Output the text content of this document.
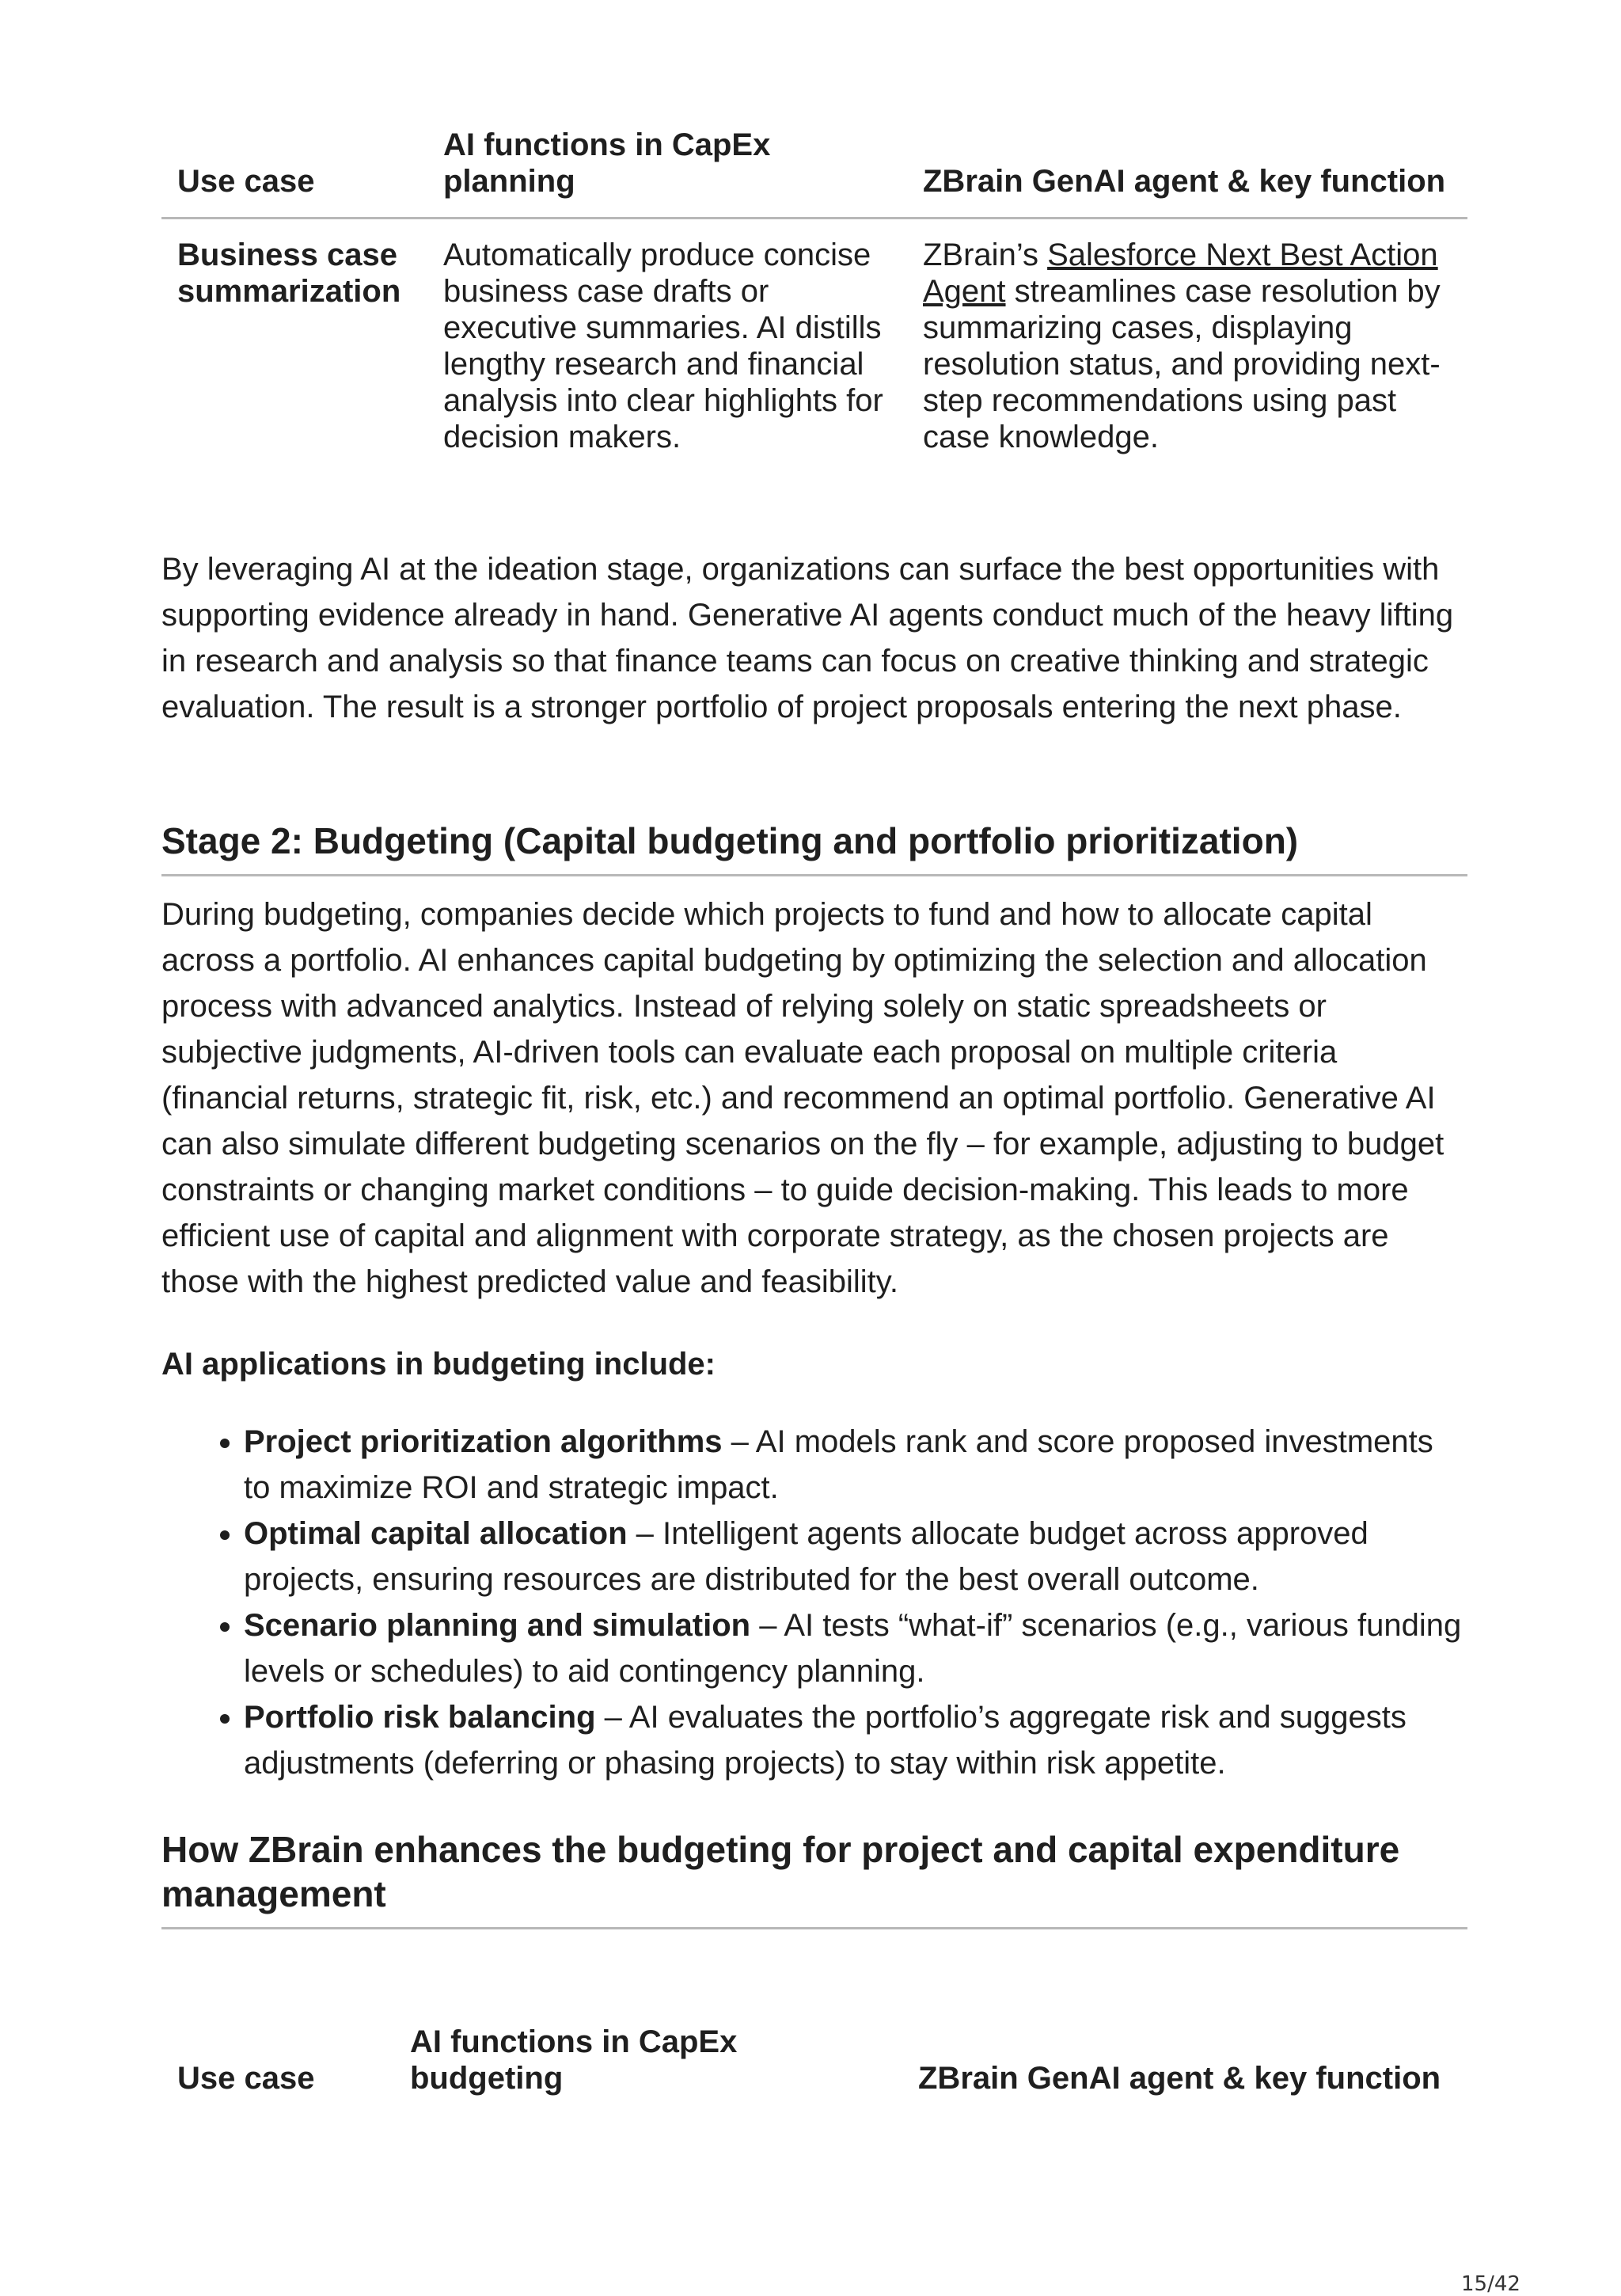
Use case	AI functions in CapEx planning	ZBrain GenAI agent & key function
Business case summarization	Automatically produce concise business case drafts or executive summaries. AI distills lengthy research and financial analysis into clear highlights for decision makers.	ZBrain’s Salesforce Next Best Action Agent streamlines case resolution by summarizing cases, displaying resolution status, and providing next-step recommendations using past case knowledge.

By leveraging AI at the ideation stage, organizations can surface the best opportunities with supporting evidence already in hand. Generative AI agents conduct much of the heavy lifting in research and analysis so that finance teams can focus on creative thinking and strategic evaluation. The result is a stronger portfolio of project proposals entering the next phase.

Stage 2: Budgeting (Capital budgeting and portfolio prioritization)

During budgeting, companies decide which projects to fund and how to allocate capital across a portfolio. AI enhances capital budgeting by optimizing the selection and allocation process with advanced analytics. Instead of relying solely on static spreadsheets or subjective judgments, AI-driven tools can evaluate each proposal on multiple criteria (financial returns, strategic fit, risk, etc.) and recommend an optimal portfolio. Generative AI can also simulate different budgeting scenarios on the fly – for example, adjusting to budget constraints or changing market conditions – to guide decision-making. This leads to more efficient use of capital and alignment with corporate strategy, as the chosen projects are those with the highest predicted value and feasibility.

AI applications in budgeting include:

• Project prioritization algorithms – AI models rank and score proposed investments to maximize ROI and strategic impact.
• Optimal capital allocation – Intelligent agents allocate budget across approved projects, ensuring resources are distributed for the best overall outcome.
• Scenario planning and simulation – AI tests “what-if” scenarios (e.g., various funding levels or schedules) to aid contingency planning.
• Portfolio risk balancing – AI evaluates the portfolio’s aggregate risk and suggests adjustments (deferring or phasing projects) to stay within risk appetite.
How ZBrain enhances the budgeting for project and capital expenditure management
Use case	AI functions in CapEx budgeting	ZBrain GenAI agent & key function
15/42
